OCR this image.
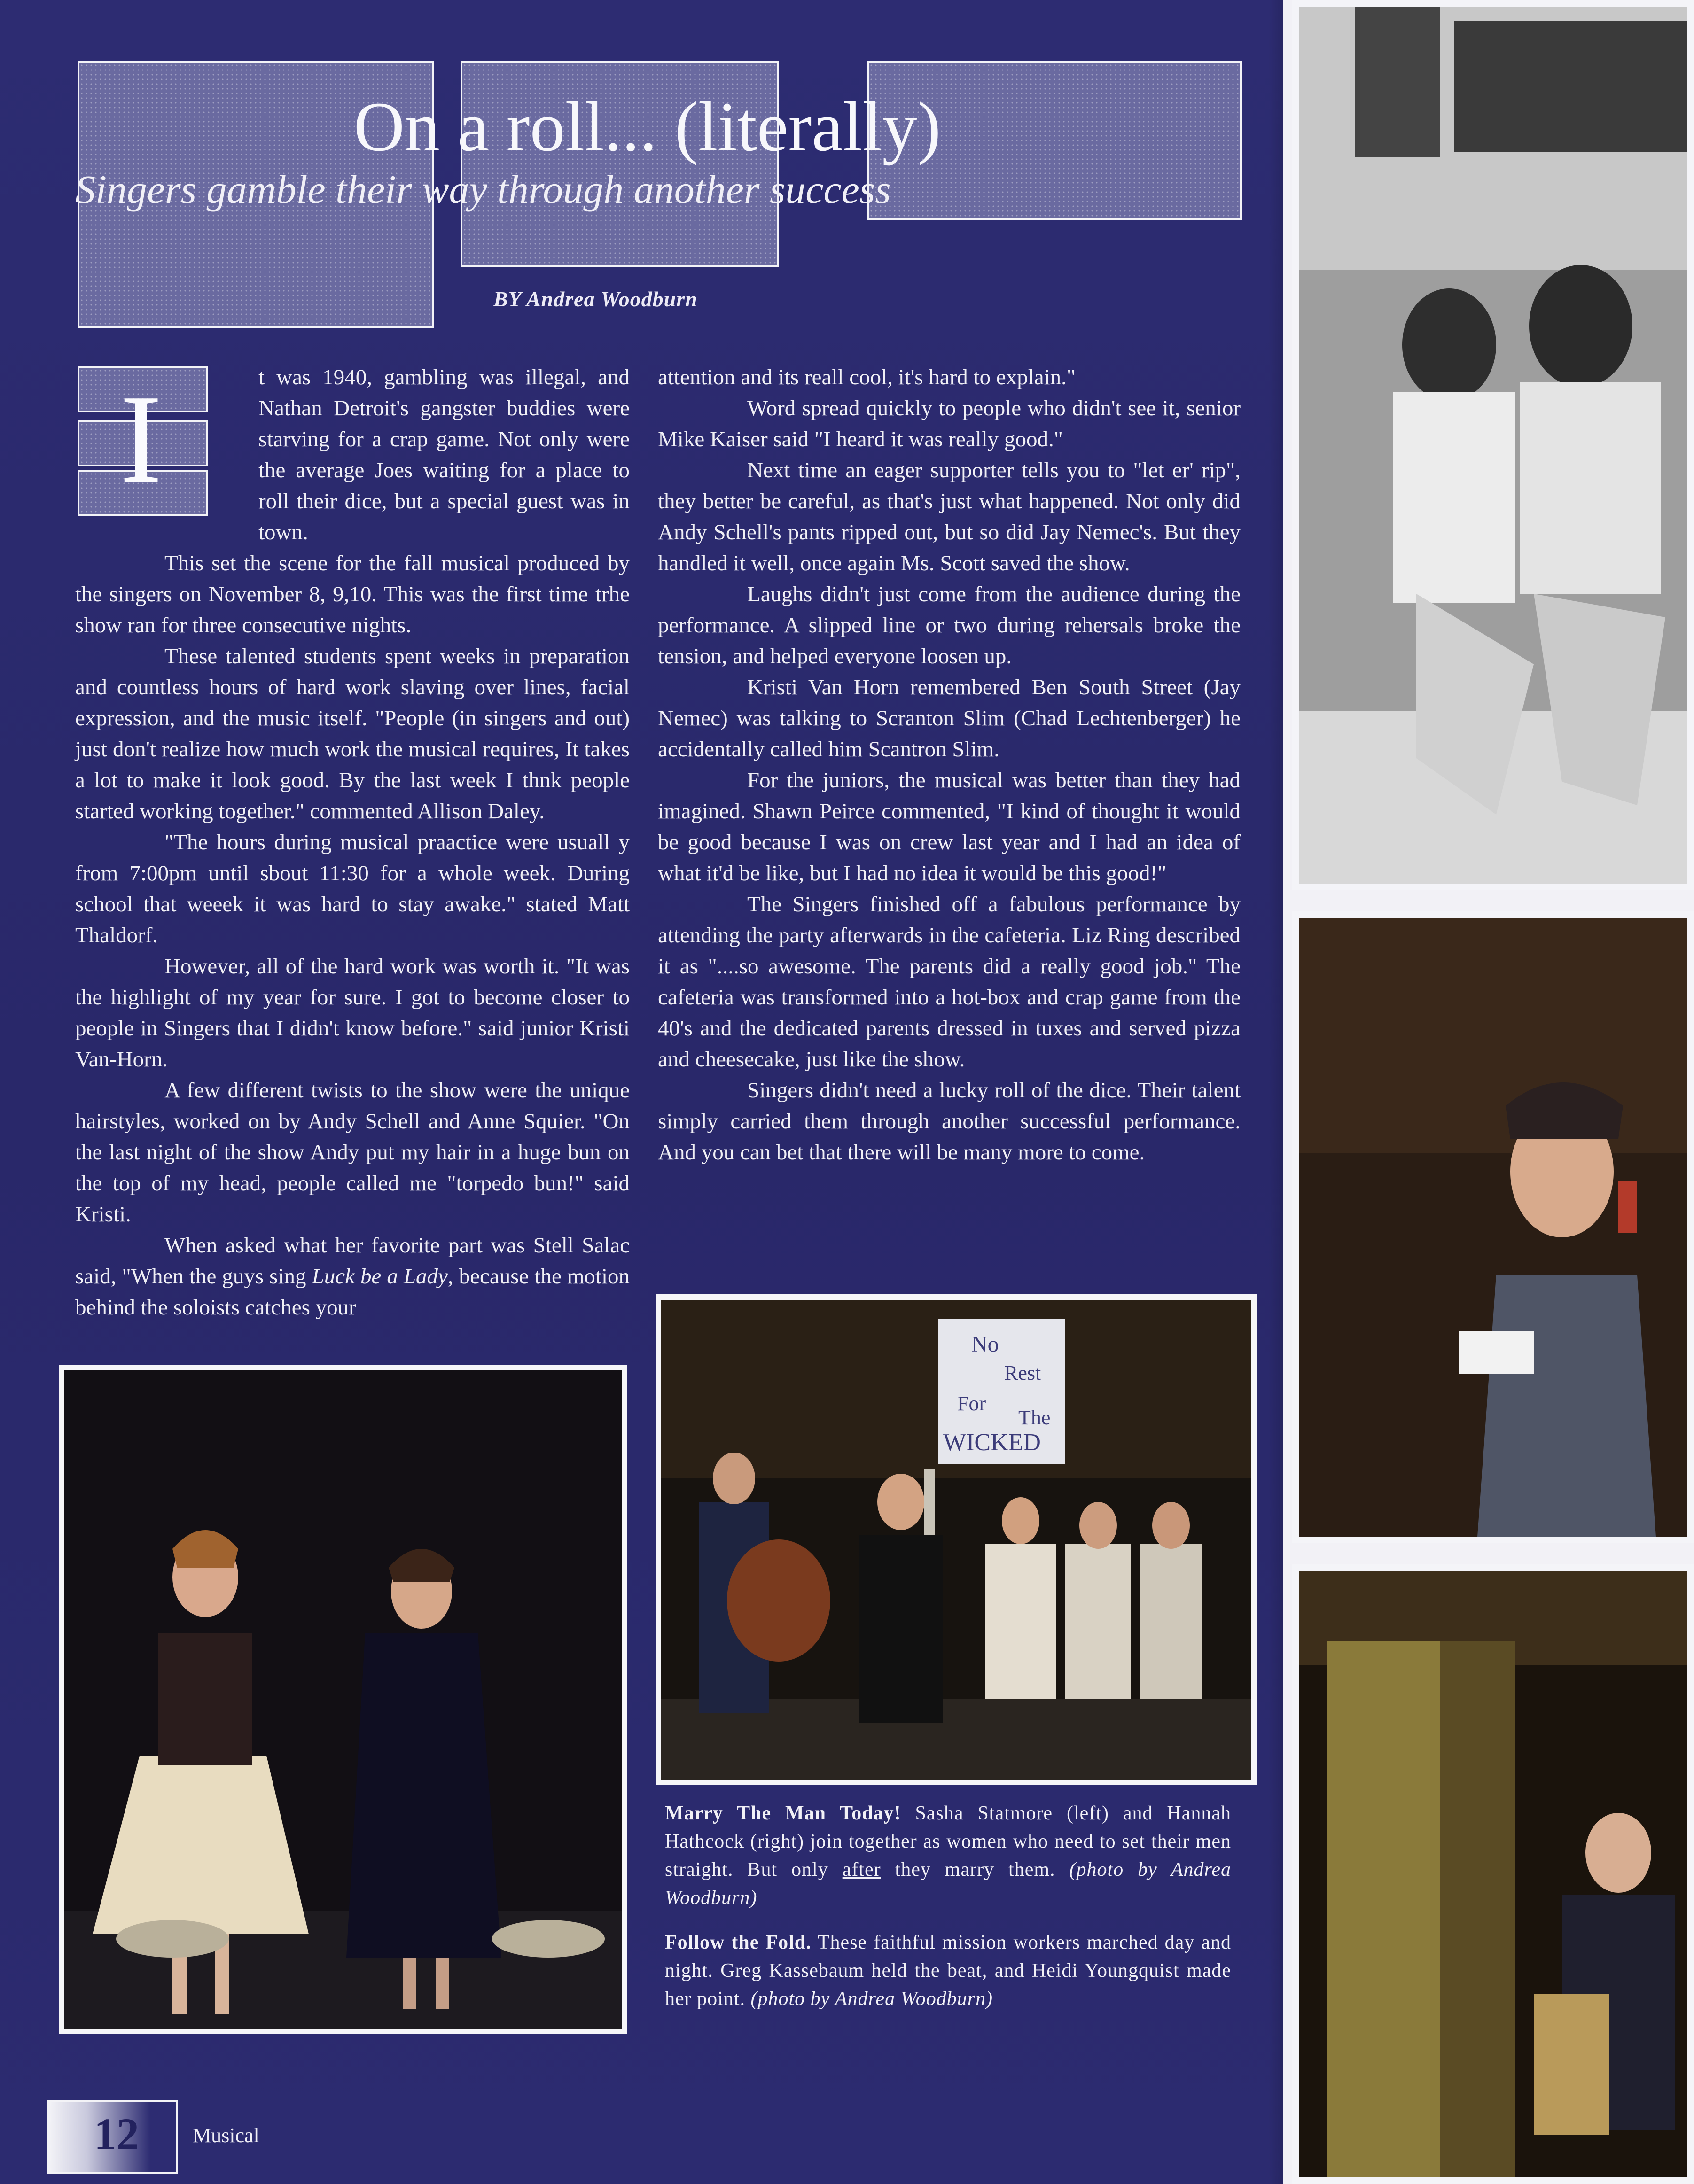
On a roll... (literally)
Singers gamble their way through another success
BY Andrea Woodburn
I	t was 1940, gambling was illegal, and Nathan Detroit's gangster buddies were starving for a crap game. Not only were the average Joes waiting for a place to roll their dice, but a special guest was in town.

This set the scene for the fall musical produced by the singers on November 8, 9,10. This was the first time trhe show ran for three consecutive nights.

These talented students spent weeks in preparation and countless hours of hard work slaving over lines, facial expression, and the music itself. "People (in singers and out) just don't realize how much work the musical requires, It takes a lot to make it look good. By the last week I thnk people started working together." commented Allison Daley.

"The hours during musical praactice were usuall y from 7:00pm until sbout 11:30 for a whole week. During school that weeek it was hard to stay awake." stated Matt Thaldorf.

However, all of the hard work was worth it. "It was the highlight of my year for sure. I got to become closer to people in Singers that I didn't know before." said junior Kristi Van-Horn.

A few different twists to the show were the unique hairstyles, worked on by Andy Schell and Anne Squier. "On the last night of the show Andy put my hair in a huge bun on the top of my head, people called me "torpedo bun!" said Kristi.

When asked what her favorite part was Stell Salac said, "When the guys sing Luck be a Lady, because the motion behind the soloists catches your

attention and its reall cool, it's hard to explain."

Word spread quickly to people who didn't see it, senior Mike Kaiser said "I heard it was really good."

Next time an eager supporter tells you to "let er' rip", they better be careful, as that's just what happened. Not only did Andy Schell's pants ripped out, but so did Jay Nemec's. But they handled it well, once again Ms. Scott saved the show.

Laughs didn't just come from the audience during the performance. A slipped line or two during rehersals broke the tension, and helped everyone loosen up.

Kristi Van Horn remembered Ben South Street (Jay Nemec) was talking to Scranton Slim (Chad Lechtenberger) he accidentally called him Scantron Slim.

For the juniors, the musical was better than they had imagined. Shawn Peirce commented, "I kind of thought it would be good because I was on crew last year and I had an idea of what it'd be like, but I had no idea it would be this good!"

The Singers finished off a fabulous performance by attending the party afterwards in the cafeteria. Liz Ring described it as "....so awesome. The parents did a really good job." The cafeteria was transformed into a hot-box and crap game from the 40's and the dedicated parents dressed in tuxes and served pizza and cheesecake, just like the show.

Singers didn't need a lucky roll of the dice. Their talent simply carried them through another successful performance. And you can bet that there will be many more to come.

No
Rest
For
The
WICKED
Marry The Man Today! Sasha Statmore (left) and Hannah Hathcock (right) join together as women who need to set their men straight. But only after they marry them. (photo by Andrea Woodburn)
Follow the Fold. These faithful mission workers marched day and night. Greg Kassebaum held the beat, and Heidi Youngquist made her point. (photo by Andrea Woodburn)
12	Musical
